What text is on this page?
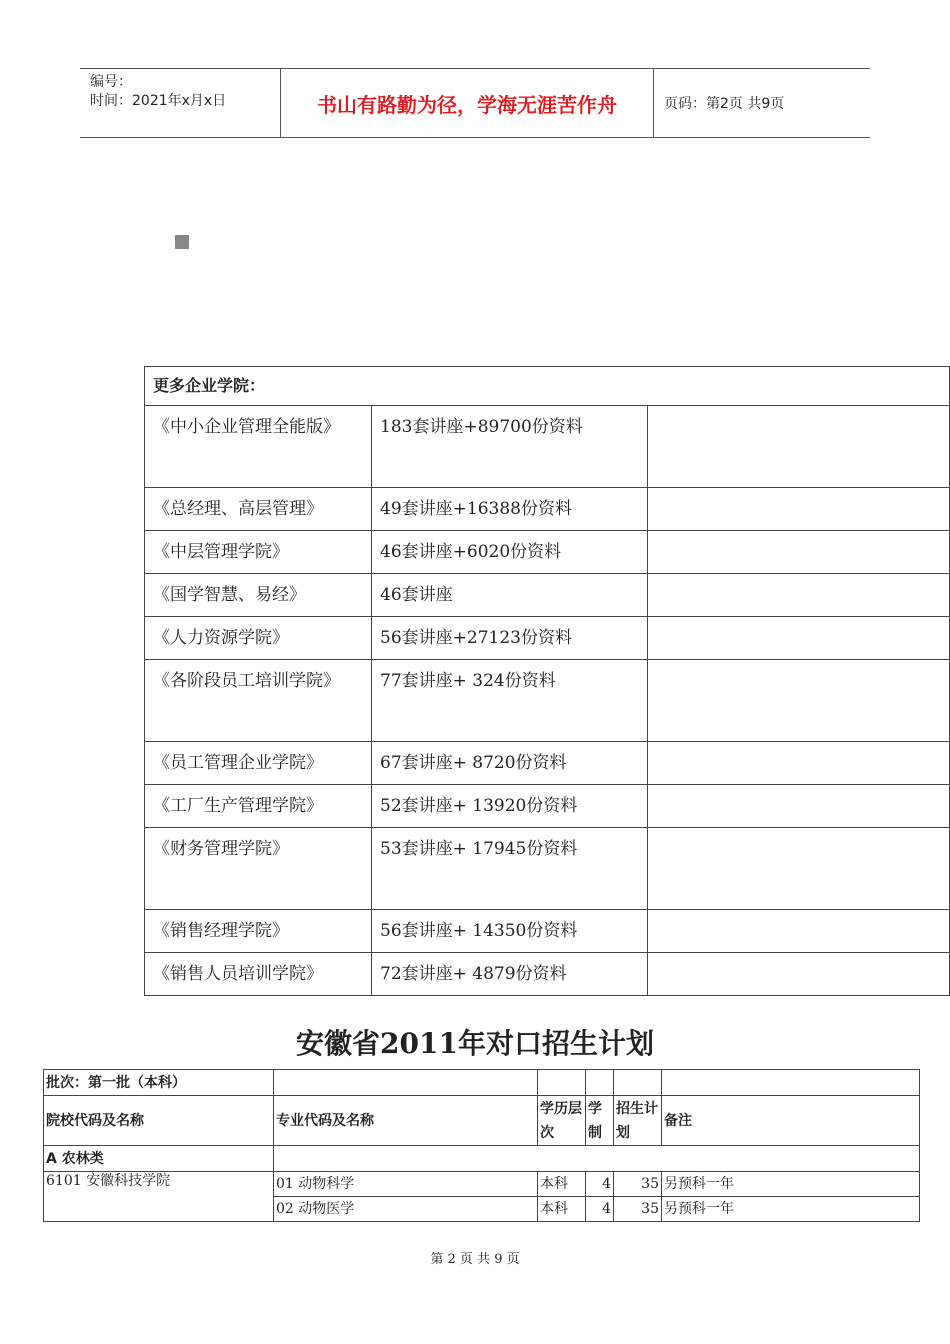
编号：
时间：2021年x月x日	书山有路勤为径，学海无涯苦作舟	页码：第2页 共9页
更多企业学院：		
《中小企业管理全能版》	183套讲座+89700份资料	
《总经理、高层管理》	49套讲座+16388份资料	
《中层管理学院》	46套讲座+6020份资料	
《国学智慧、易经》	46套讲座	
《人力资源学院》	56套讲座+27123份资料	
《各阶段员工培训学院》	77套讲座+ 324份资料	
《员工管理企业学院》	67套讲座+ 8720份资料	
《工厂生产管理学院》	52套讲座+ 13920份资料	
《财务管理学院》	53套讲座+ 17945份资料	
《销售经理学院》	56套讲座+ 14350份资料	
《销售人员培训学院》	72套讲座+ 4879份资料	
安徽省2011年对口招生计划
批次：第一批（本科）					
院校代码及名称	专业代码及名称	学历层次	学制	招生计划	备注
A 农林类					
6101 安徽科技学院	01 动物科学	本科	4	35	另预科一年
	02 动物医学	本科	4	35	另预科一年
第 2 页 共 9 页
